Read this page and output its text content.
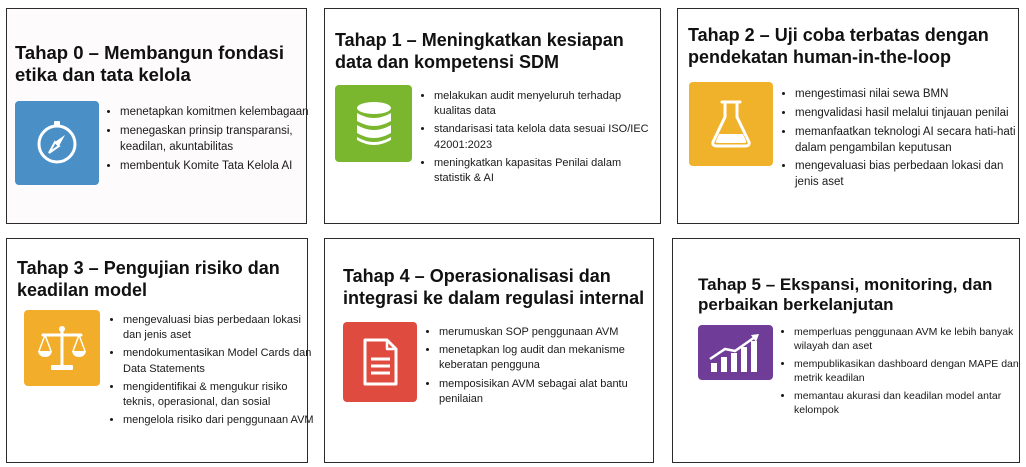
Tahap 0 – Membangun fondasi etika dan tata kelola
• menetapkan komitmen kelembagaan
• menegaskan prinsip transparansi, keadilan, akuntabilitas
• membentuk Komite Tata Kelola AI
Tahap 1 – Meningkatkan kesiapan data dan kompetensi SDM
• melakukan audit menyeluruh terhadap kualitas data
• standarisasi tata kelola data sesuai ISO/IEC 42001:2023
• meningkatkan kapasitas Penilai dalam statistik & AI
Tahap 2 – Uji coba terbatas dengan pendekatan human-in-the-loop
• mengestimasi nilai sewa BMN
• mengvalidasi hasil melalui tinjauan penilai
• memanfaatkan teknologi AI secara hati-hati dalam pengambilan keputusan
• mengevaluasi bias perbedaan lokasi dan jenis aset
Tahap 3 – Pengujian risiko dan keadilan model
• mengevaluasi bias perbedaan lokasi dan jenis aset
• mendokumentasikan Model Cards dan Data Statements
• mengidentifikaі & mengukur risiko teknis, operasional, dan sosial
• mengelola risiko dari penggunaan AVM
Tahap 4 – Operasionalisasi dan integrasi ke dalam regulasi internal
• merumuskan SOP penggunaan AVM
• menetapkan log audit dan mekanisme keberatan pengguna
• memposisikan AVM sebagai alat bantu penilaian
Tahap 5 – Ekspansi, monitoring, dan perbaikan berkelanjutan
• memperluas penggunaan AVM ke lebih banyak wilayah dan aset
• mempublikasikan dashboard dengan MAPE dan metrik keadilan
• memantau akurasi dan keadilan model antar kelompok
